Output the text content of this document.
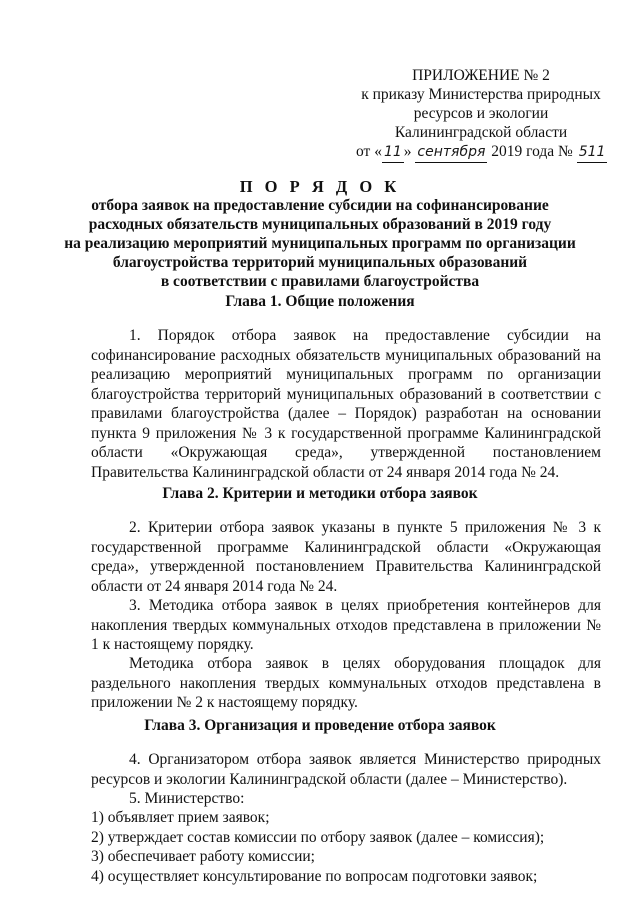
ПРИЛОЖЕНИЕ № 2
к приказу Министерства природных
ресурсов и экологии
Калининградской области
от « 11 » сентября 2019 года № 511
П О Р Я Д О К
отбора заявок на предоставление субсидии на софинансирование
расходных обязательств муниципальных образований в 2019 году
на реализацию мероприятий муниципальных программ по организации
благоустройства территорий муниципальных образований
в соответствии с правилами благоустройства
Глава 1. Общие положения
1. Порядок отбора заявок на предоставление субсидии на софинансирование расходных обязательств муниципальных образований на реализацию мероприятий муниципальных программ по организации благоустройства территорий муниципальных образований в соответствии с правилами благоустройства (далее – Порядок) разработан на основании пункта 9 приложения № 3 к государственной программе Калининградской области «Окружающая среда», утвержденной постановлением Правительства Калининградской области от 24 января 2014 года № 24.
Глава 2. Критерии и методики отбора заявок
2. Критерии отбора заявок указаны в пункте 5 приложения № 3 к государственной программе Калининградской области «Окружающая среда», утвержденной постановлением Правительства Калининградской области от 24 января 2014 года № 24.
3. Методика отбора заявок в целях приобретения контейнеров для накопления твердых коммунальных отходов представлена в приложении № 1 к настоящему порядку.
Методика отбора заявок в целях оборудования площадок для раздельного накопления твердых коммунальных отходов представлена в приложении № 2 к настоящему порядку.
Глава 3. Организация и проведение отбора заявок
4. Организатором отбора заявок является Министерство природных ресурсов и экологии Калининградской области (далее – Министерство).
5. Министерство:
1) объявляет прием заявок;
2) утверждает состав комиссии по отбору заявок (далее – комиссия);
3) обеспечивает работу комиссии;
4) осуществляет консультирование по вопросам подготовки заявок;
